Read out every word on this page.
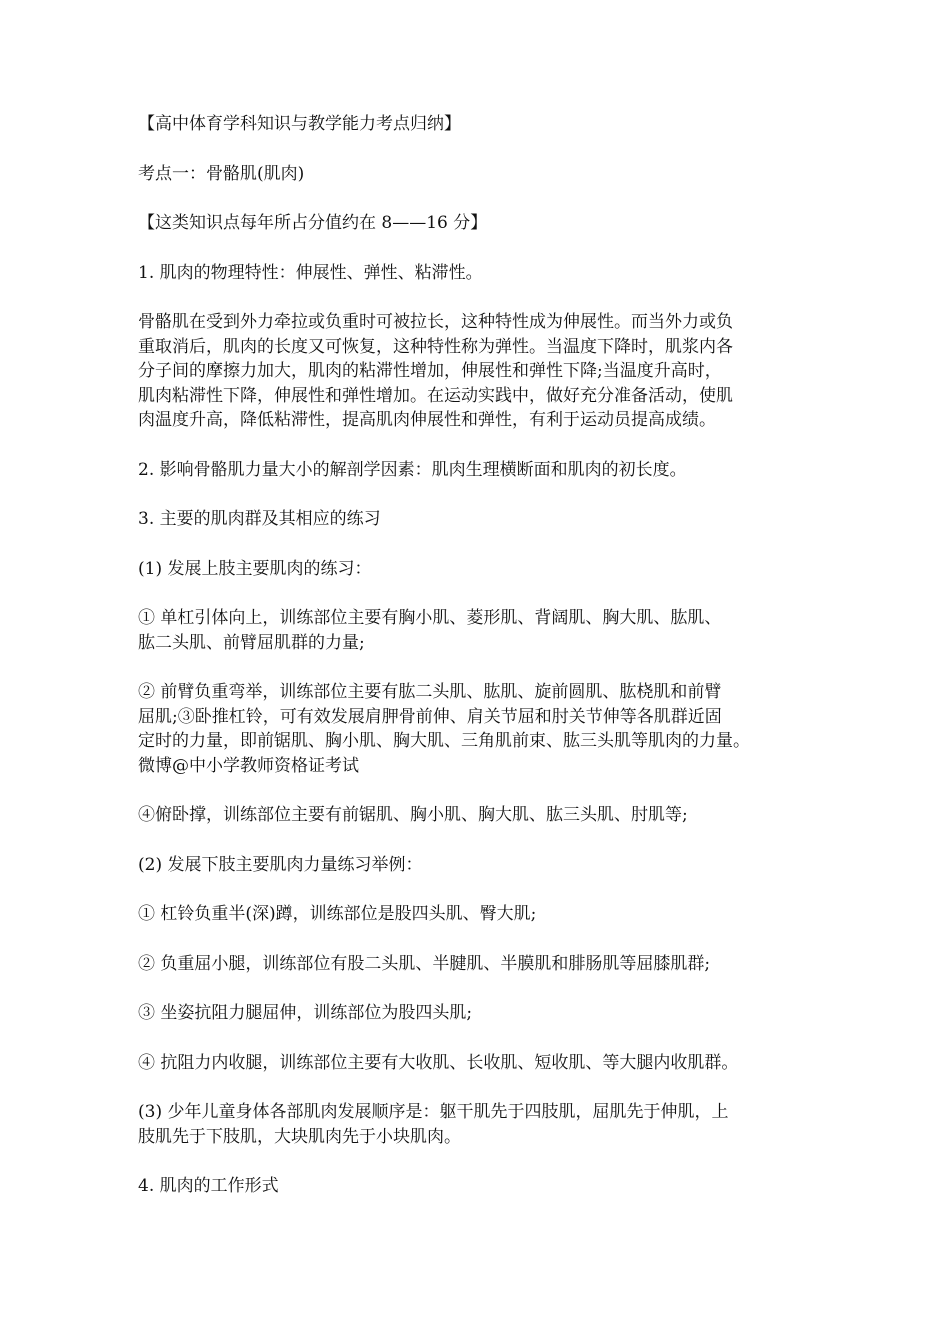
【高中体育学科知识与教学能力考点归纳】

考点一：骨骼肌(肌肉)

【这类知识点每年所占分值约在 8——16 分】

1. 肌肉的物理特性：伸展性、弹性、粘滞性。

骨骼肌在受到外力牵拉或负重时可被拉长，这种特性成为伸展性。而当外力或负
重取消后，肌肉的长度又可恢复，这种特性称为弹性。当温度下降时，肌浆内各
分子间的摩擦力加大，肌肉的粘滞性增加，伸展性和弹性下降;当温度升高时，
肌肉粘滞性下降，伸展性和弹性增加。在运动实践中，做好充分准备活动，使肌
肉温度升高，降低粘滞性，提高肌肉伸展性和弹性，有利于运动员提高成绩。

2. 影响骨骼肌力量大小的解剖学因素：肌肉生理横断面和肌肉的初长度。

3. 主要的肌肉群及其相应的练习

(1) 发展上肢主要肌肉的练习：

① 单杠引体向上，训练部位主要有胸小肌、菱形肌、背阔肌、胸大肌、肱肌、
肱二头肌、前臂屈肌群的力量;

② 前臂负重弯举，训练部位主要有肱二头肌、肱肌、旋前圆肌、肱桡肌和前臂
屈肌;③卧推杠铃，可有效发展肩胛骨前伸、肩关节屈和肘关节伸等各肌群近固
定时的力量，即前锯肌、胸小肌、胸大肌、三角肌前束、肱三头肌等肌肉的力量。
微博@中小学教师资格证考试

④俯卧撑，训练部位主要有前锯肌、胸小肌、胸大肌、肱三头肌、肘肌等;

(2) 发展下肢主要肌肉力量练习举例：

① 杠铃负重半(深)蹲，训练部位是股四头肌、臀大肌;

② 负重屈小腿，训练部位有股二头肌、半腱肌、半膜肌和腓肠肌等屈膝肌群;

③ 坐姿抗阻力腿屈伸，训练部位为股四头肌;

④ 抗阻力内收腿，训练部位主要有大收肌、长收肌、短收肌、等大腿内收肌群。

(3) 少年儿童身体各部肌肉发展顺序是：躯干肌先于四肢肌，屈肌先于伸肌，上
肢肌先于下肢肌，大块肌肉先于小块肌肉。

4. 肌肉的工作形式
